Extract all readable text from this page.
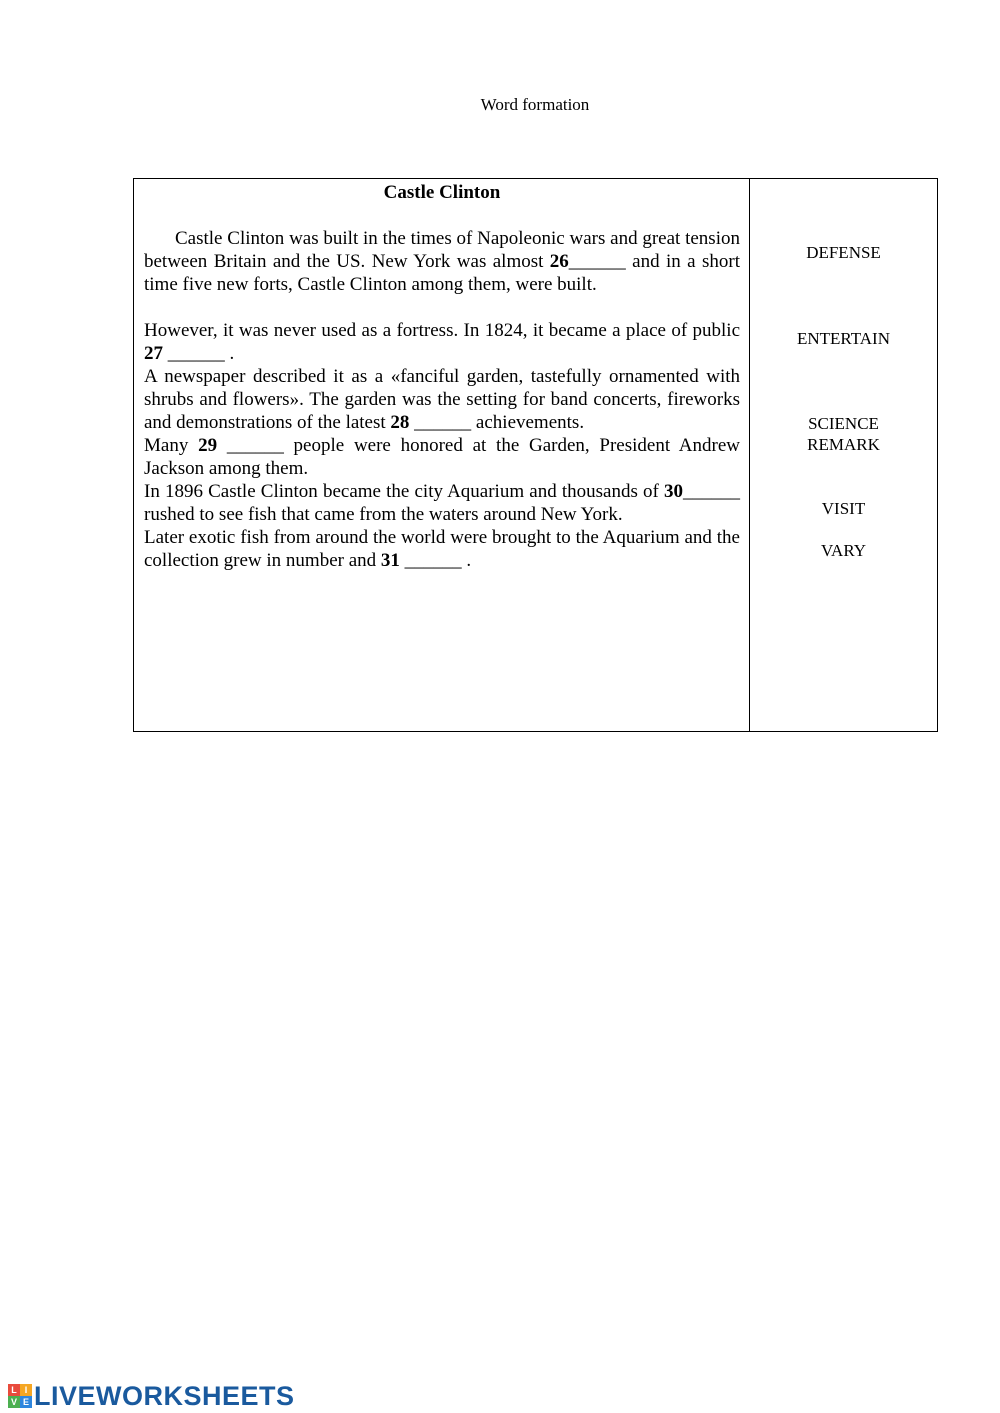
Word formation

Castle Clinton

Castle Clinton was built in the times of Napoleonic wars and great tension between Britain and the US. New York was almost 26______ and in a short time five new forts, Castle Clinton among them, were built.

However, it was never used as a fortress. In 1824, it became a place of public 27 ______ .

A newspaper described it as a «fanciful garden, tastefully ornamented with shrubs and flowers». The garden was the setting for band concerts, fireworks and demonstrations of the latest 28 ______ achievements.

Many 29 ______ people were honored at the Garden, President Andrew Jackson among them.

In 1896 Castle Clinton became the city Aquarium and thousands of 30______ rushed to see fish that came from the waters around New York.

Later exotic fish from around the world were brought to the Aquarium and the collection grew in number and 31 ______ .

DEFENSE
ENTERTAIN
SCIENCE
REMARK
VISIT
VARY
L I
V E LIVEWORKSHEETS
